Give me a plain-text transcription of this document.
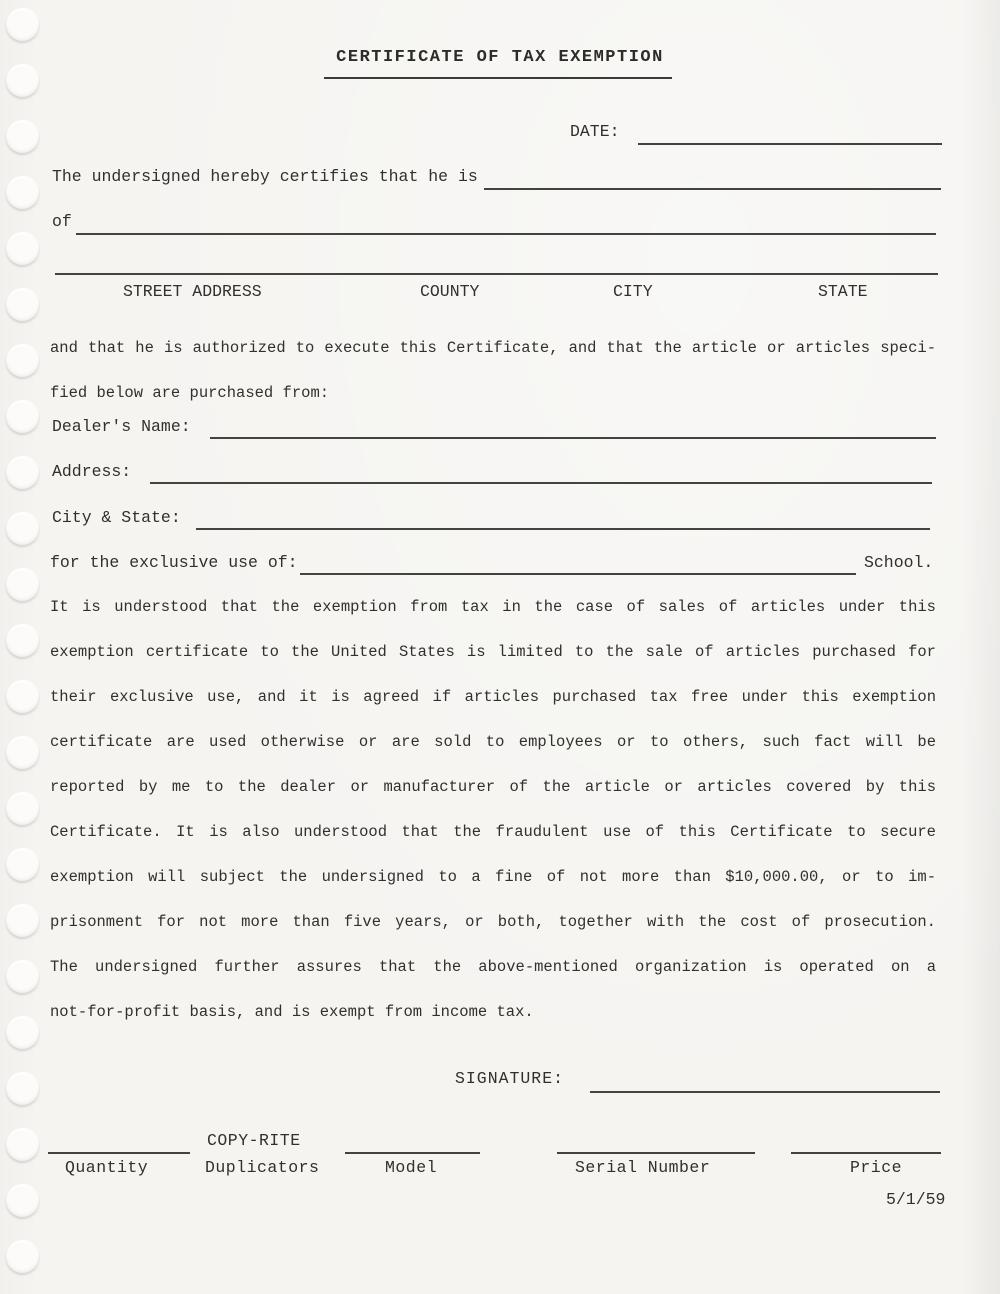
CERTIFICATE OF TAX EXEMPTION
DATE:
The undersigned hereby certifies that he is
of
STREET ADDRESS	COUNTY	CITY	STATE
and that he is authorized to execute this Certificate, and that the article or articles speci-
fied below are purchased from:
Dealer's Name:
Address:
City & State:
for the exclusive use of:	School.
It is understood that the exemption from tax in the case of sales of articles under this
exemption certificate to the United States is limited to the sale of articles purchased for
their exclusive use, and it is agreed if articles purchased tax free under this exemption
certificate are used otherwise or are sold to employees or to others, such fact will be
reported by me to the dealer or manufacturer of the article or articles covered by this
Certificate. It is also understood that the fraudulent use of this Certificate to secure
exemption will subject the undersigned to a fine of not more than $10,000.00, or to im-
prisonment for not more than five years, or both, together with the cost of prosecution.
The undersigned further assures that the above-mentioned organization is operated on a
not-for-profit basis, and is exempt from income tax.
SIGNATURE:
COPY-RITE
Quantity	Duplicators	Model	Serial Number	Price
5/1/59
